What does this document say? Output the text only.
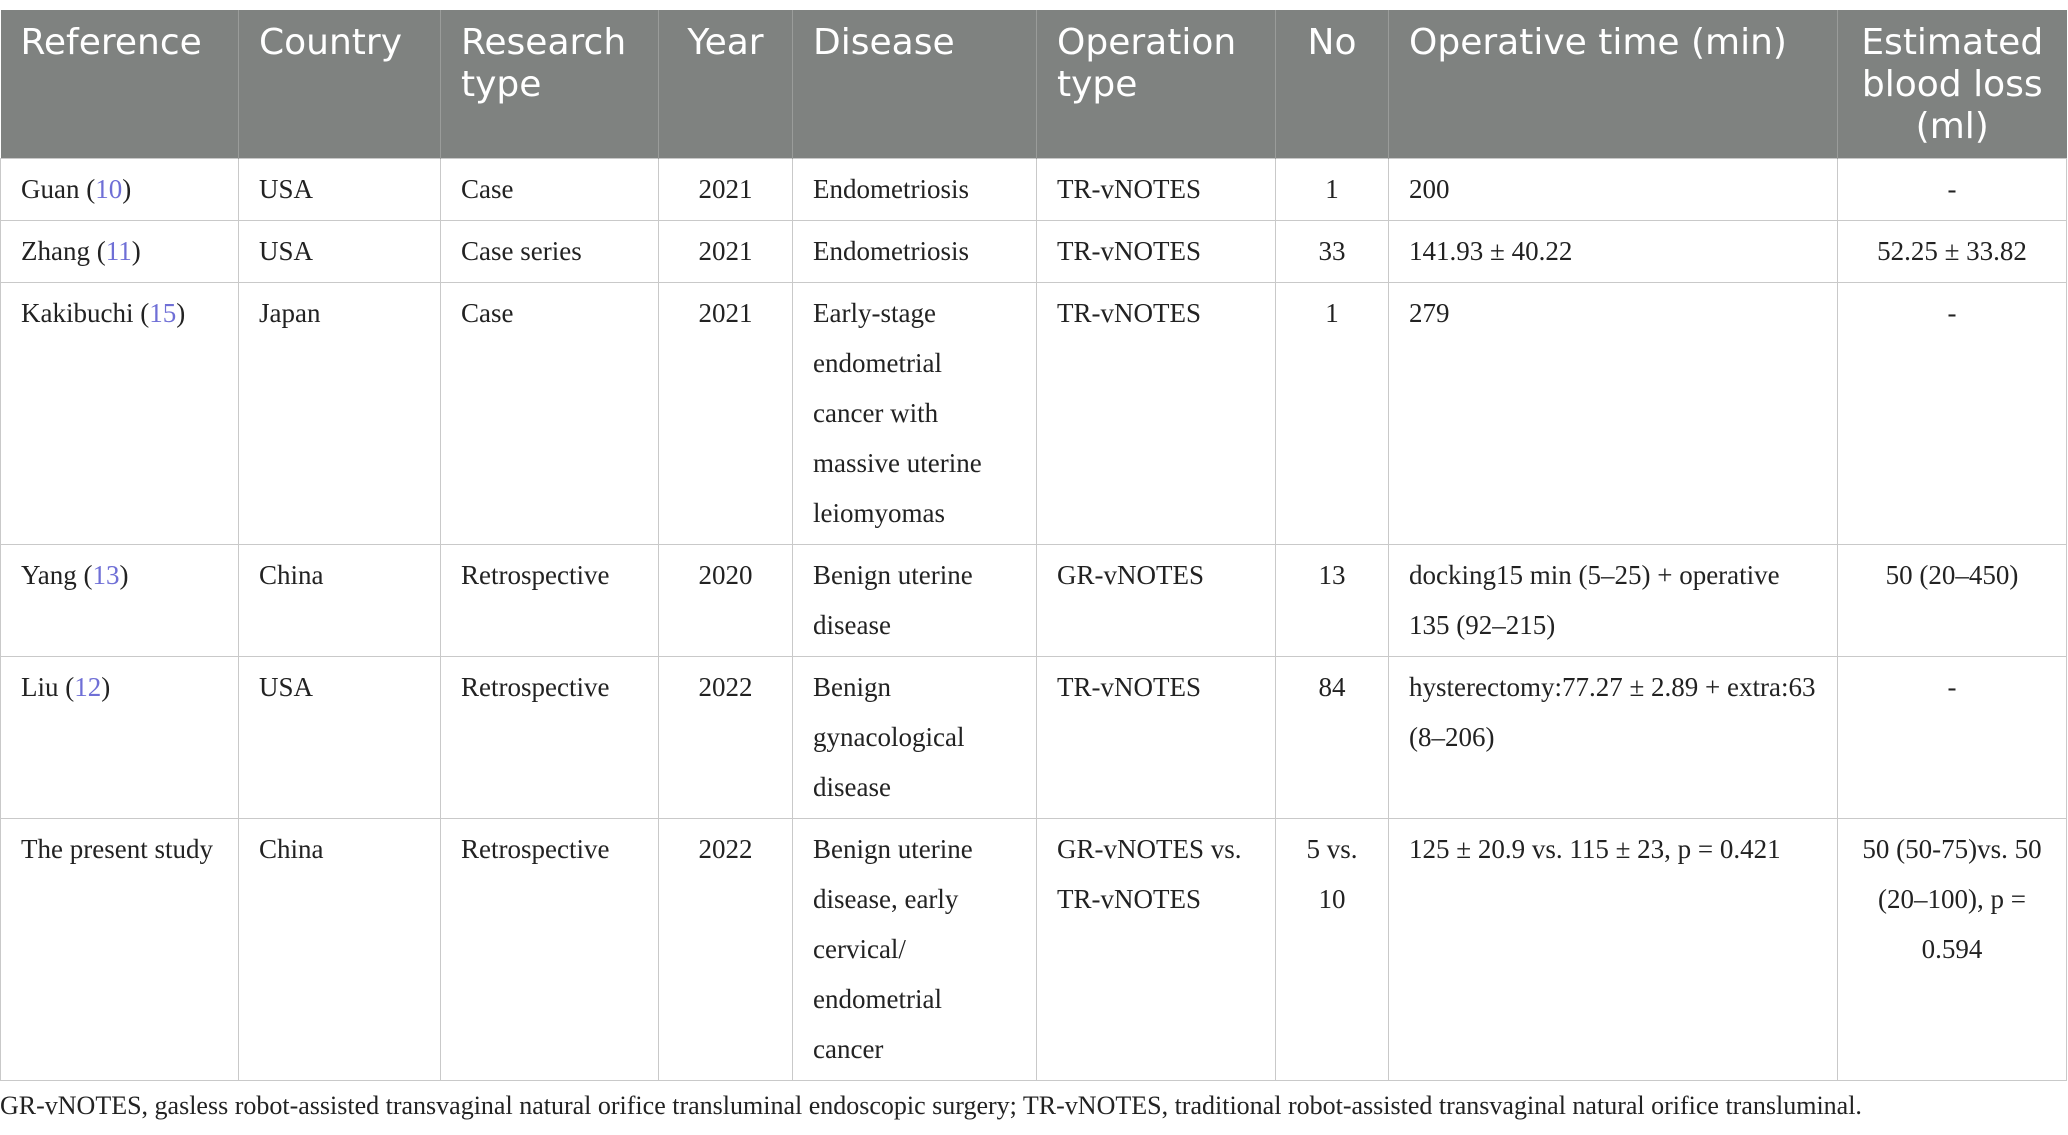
Reference	Country	Research type	Year	Disease	Operation type	No	Operative time (min)	Estimated blood loss (ml)
Guan (10)	USA	Case	2021	Endometriosis	TR-vNOTES	1	200	-
Zhang (11)	USA	Case series	2021	Endometriosis	TR-vNOTES	33	141.93 ± 40.22	52.25 ± 33.82
Kakibuchi (15)	Japan	Case	2021	Early-stage endometrial cancer with massive uterine leiomyomas	TR-vNOTES	1	279	-
Yang (13)	China	Retrospective	2020	Benign uterine disease	GR-vNOTES	13	docking15 min (5–25) + operative 135 (92–215)	50 (20–450)
Liu (12)	USA	Retrospective	2022	Benign gynacological disease	TR-vNOTES	84	hysterectomy:77.27 ± 2.89 + extra:63 (8–206)	-
The present study	China	Retrospective	2022	Benign uterine disease, early cervical/ endometrial cancer	GR-vNOTES vs. TR-vNOTES	5 vs. 10	125 ± 20.9 vs. 115 ± 23, p = 0.421	50 (50-75)vs. 50 (20–100), p = 0.594
GR-vNOTES, gasless robot-assisted transvaginal natural orifice transluminal endoscopic surgery; TR-vNOTES, traditional robot-assisted transvaginal natural orifice transluminal.
